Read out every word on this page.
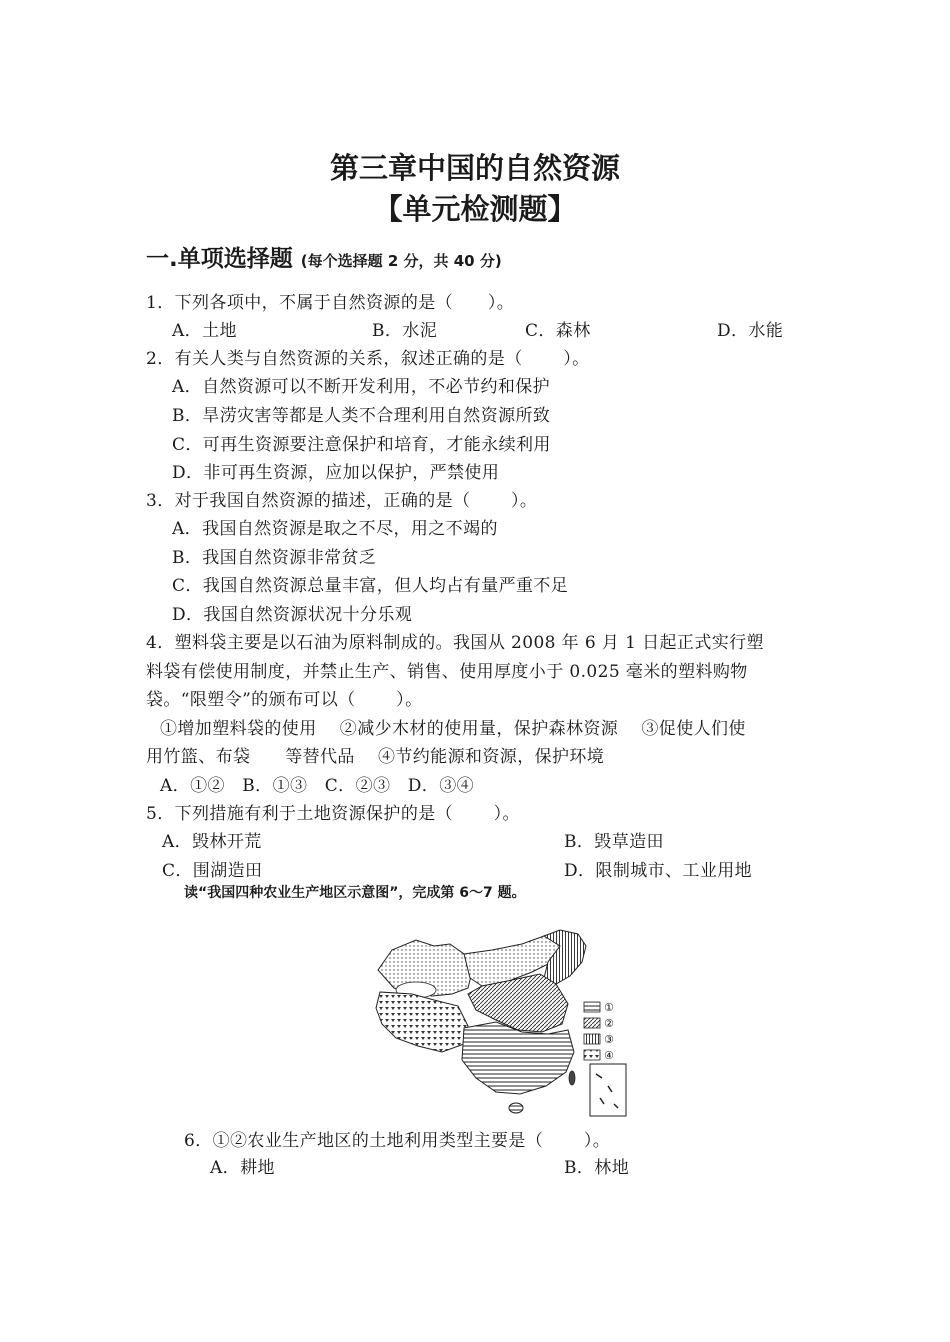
第三章中国的自然资源
【单元检测题】
一.单项选择题 (每个选择题 2 分，共 40 分)
1．下列各项中，不属于自然资源的是（　　）。
A．土地	B．水泥	C．森林	D．水能
2．有关人类与自然资源的关系，叙述正确的是（　　 ）。
A．自然资源可以不断开发利用，不必节约和保护
B．旱涝灾害等都是人类不合理利用自然资源所致
C．可再生资源要注意保护和培育，才能永续利用
D．非可再生资源，应加以保护，严禁使用
3．对于我国自然资源的描述，正确的是（　　 ）。
A．我国自然资源是取之不尽，用之不竭的
B．我国自然资源非常贫乏
C．我国自然资源总量丰富，但人均占有量严重不足
D．我国自然资源状况十分乐观
4．塑料袋主要是以石油为原料制成的。我国从 2008 年 6 月 1 日起正式实行塑
料袋有偿使用制度，并禁止生产、销售、使用厚度小于 0.025 毫米的塑料购物
袋。“限塑令”的颁布可以（　　 ）。
①增加塑料袋的使用　 ②减少木材的使用量，保护森林资源　 ③促使人们使
用竹篮、布袋　　等替代品　 ④节约能源和资源，保护环境
A．①②　B．①③　C．②③　D．③④
5．下列措施有利于土地资源保护的是（　　 ）。
A．毁林开荒	B．毁草造田
C．围湖造田	D．限制城市、工业用地
读“我国四种农业生产地区示意图”，完成第 6～7 题。
①
②
③
④
6．①②农业生产地区的土地利用类型主要是（　　 ）。
A．耕地	B．林地
